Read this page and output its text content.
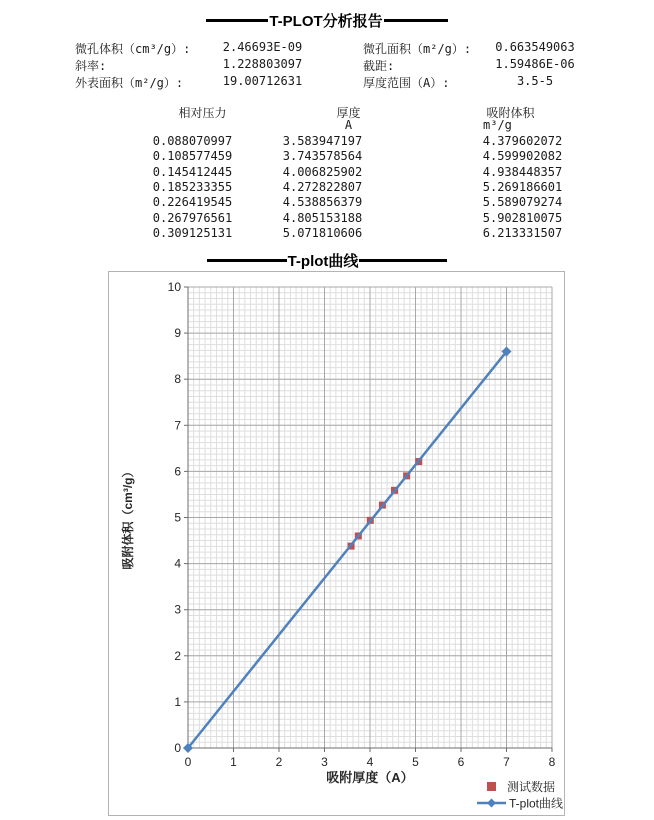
T-PLOT分析报告
微孔体积（cm³/g）:	2.46693E-09	微孔面积（m²/g）:	0.663549063
斜率:	1.228803097	截距:	1.59486E-06
外表面积（m²/g）:	19.00712631	厚度范围（A）:	3.5-5
相对压力	厚度	吸附体积
A	m³/g
0.088070997	3.583947197	4.379602072
0.108577459	3.743578564	4.599902082
0.145412445	4.006825902	4.938448357
0.185233355	4.272822807	5.269186601
0.226419545	4.538856379	5.589079274
0.267976561	4.805153188	5.902810075
0.309125131	5.071810606	6.213331507
T-plot曲线
0	1	2	3	4	5	6	7	8
0
1
2
3
4
5
6
7
8
9
10
吸附厚度（A）
吸附体积（cm³/g）
测试数据
T-plot曲线
